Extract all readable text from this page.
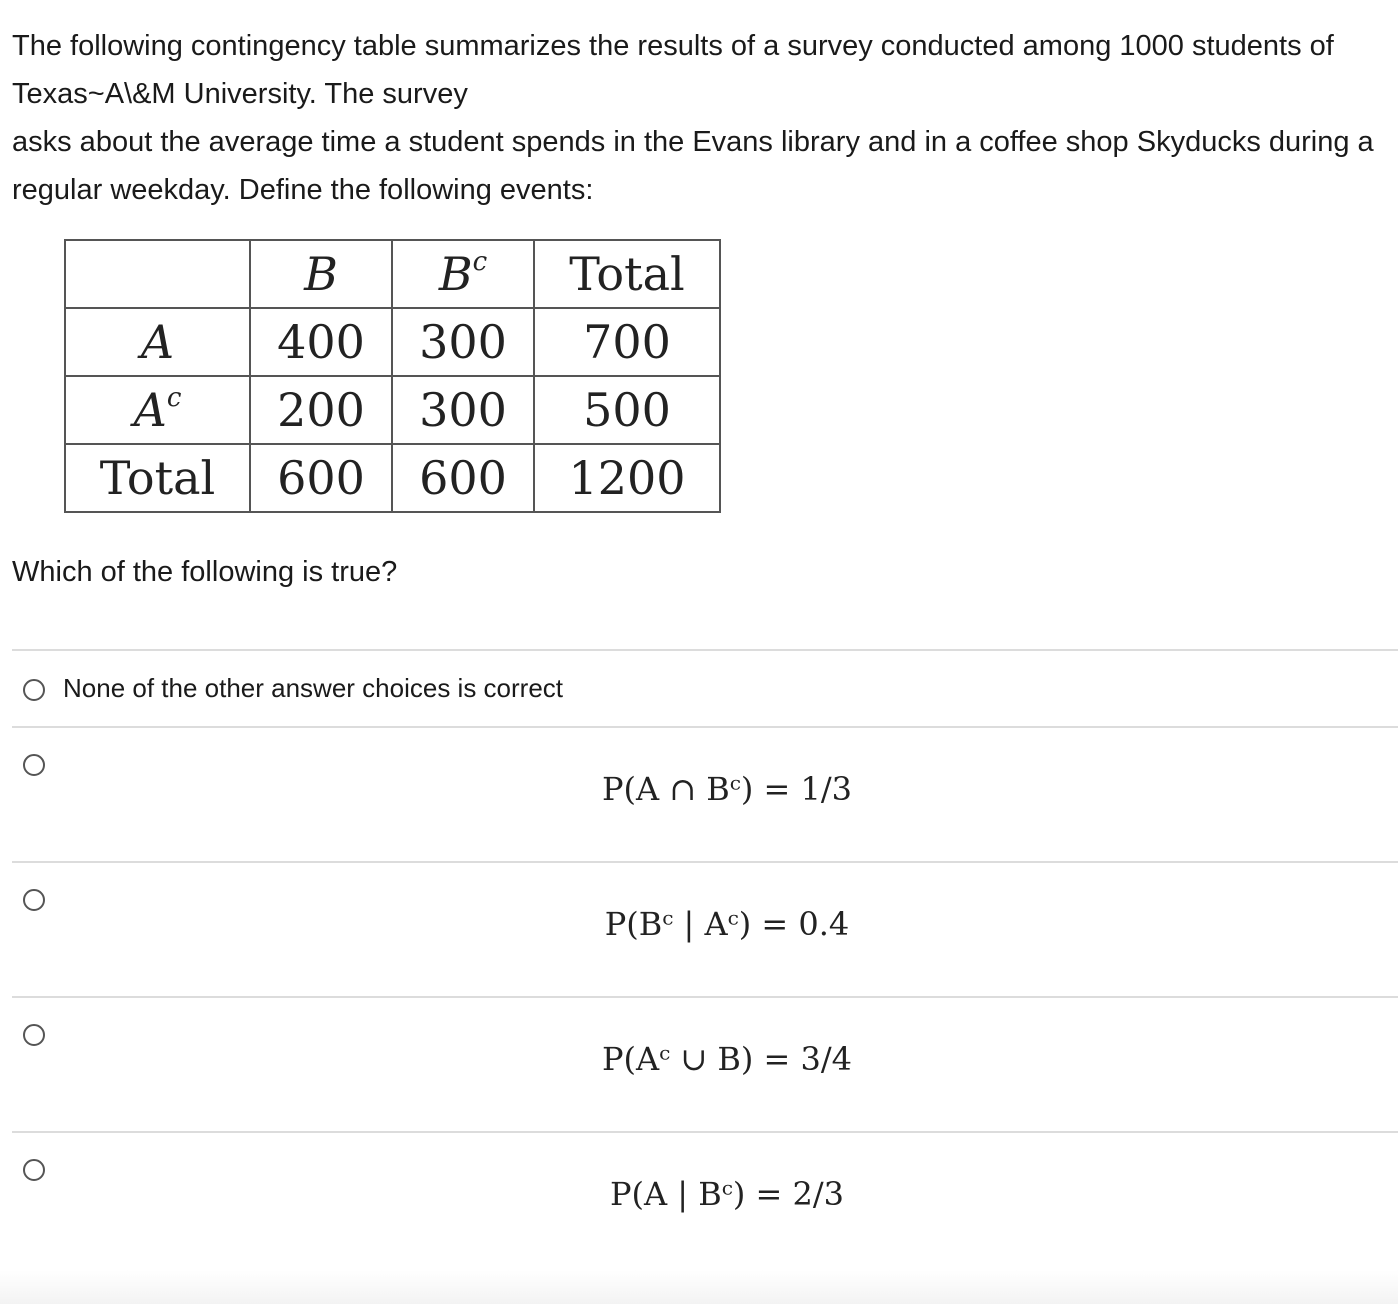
The following contingency table summarizes the results of a survey conducted among 1000 students of Texas~A\&M University. The survey

asks about the average time a student spends in the Evans library and in a coffee shop Skyducks during a regular weekday. Define the following events:

	B	$B^c$	Total
A	400	300	700
$A^c$	200	300	500
Total	600	600	1200

Which of the following is true?

None of the other answer choices is correct
P(A ∩ Bᶜ) = 1/3
P(Bᶜ | Aᶜ) = 0.4
P(Aᶜ ∪ B) = 3/4
P(A | Bᶜ) = 2/3
